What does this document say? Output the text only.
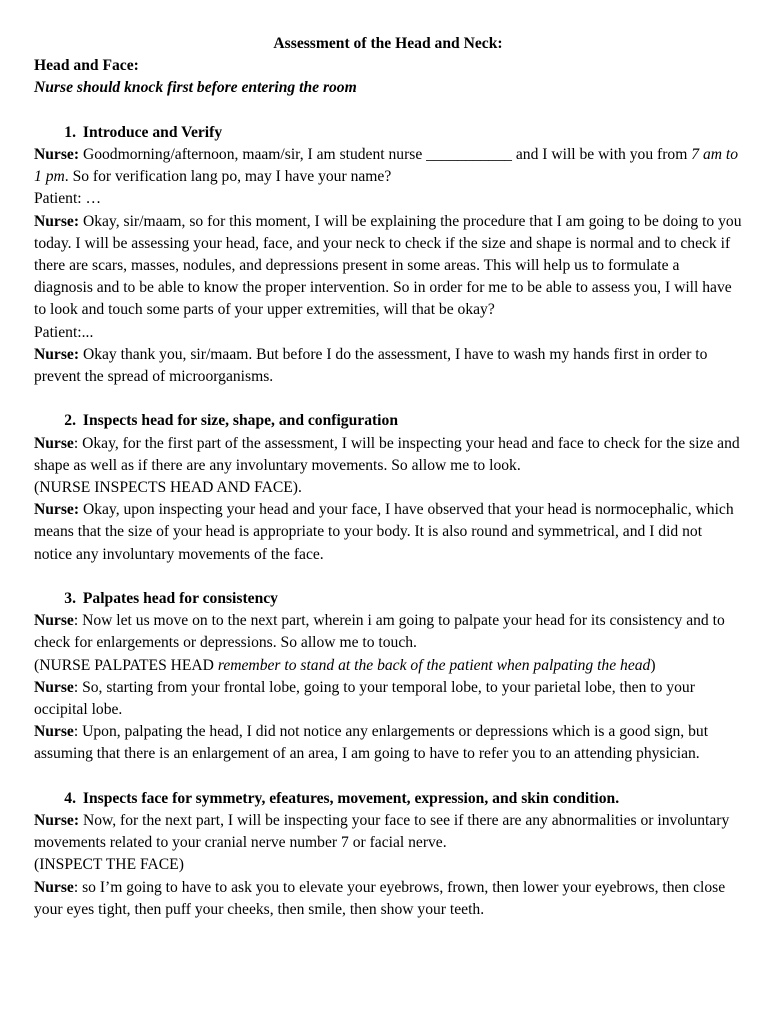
Assessment of the Head and Neck:

Head and Face:

Nurse should knock first before entering the room

1. Introduce and Verify

Nurse: Goodmorning/afternoon, maam/sir, I am student nurse ___________ and I will be with you from 7 am to 1 pm. So for verification lang po, may I have your name?

Patient: …

Nurse: Okay, sir/maam, so for this moment, I will be explaining the procedure that I am going to be doing to you today. I will be assessing your head, face, and your neck to check if the size and shape is normal and to check if there are scars, masses, nodules, and depressions present in some areas. This will help us to formulate a diagnosis and to be able to know the proper intervention. So in order for me to be able to assess you, I will have to look and touch some parts of your upper extremities, will that be okay?

Patient:...

Nurse: Okay thank you, sir/maam. But before I do the assessment, I have to wash my hands first in order to prevent the spread of microorganisms.

2. Inspects head for size, shape, and configuration

Nurse: Okay, for the first part of the assessment, I will be inspecting your head and face to check for the size and shape as well as if there are any involuntary movements. So allow me to look.

(NURSE INSPECTS HEAD AND FACE).

Nurse: Okay, upon inspecting your head and your face, I have observed that your head is normocephalic, which means that the size of your head is appropriate to your body. It is also round and symmetrical, and I did not notice any involuntary movements of the face.

3. Palpates head for consistency

Nurse: Now let us move on to the next part, wherein i am going to palpate your head for its consistency and to check for enlargements or depressions. So allow me to touch.

(NURSE PALPATES HEAD remember to stand at the back of the patient when palpating the head)

Nurse: So, starting from your frontal lobe, going to your temporal lobe, to your parietal lobe, then to your occipital lobe.

Nurse: Upon, palpating the head, I did not notice any enlargements or depressions which is a good sign, but assuming that there is an enlargement of an area, I am going to have to refer you to an attending physician.

4. Inspects face for symmetry, efeatures, movement, expression, and skin condition.

Nurse: Now, for the next part, I will be inspecting your face to see if there are any abnormalities or involuntary movements related to your cranial nerve number 7 or facial nerve.

(INSPECT THE FACE)

Nurse: so I’m going to have to ask you to elevate your eyebrows, frown, then lower your eyebrows, then close your eyes tight, then puff your cheeks, then smile, then show your teeth.
